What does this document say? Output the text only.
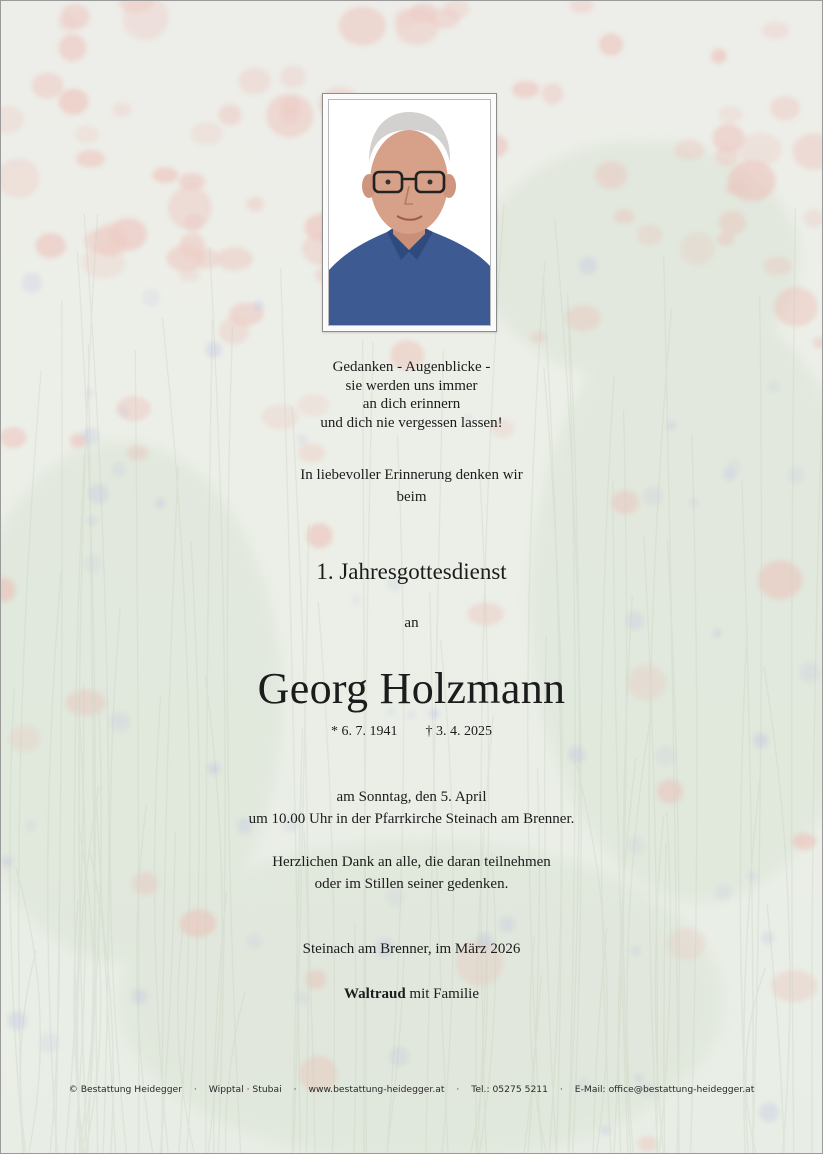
Gedanken - Augenblicke -
sie werden uns immer
an dich erinnern
und dich nie vergessen lassen!
In liebevoller Erinnerung denken wir
beim
1. Jahresgottesdienst
an
Georg Holzmann
* 6. 7. 1941 † 3. 4. 2025
am Sonntag, den 5. April
um 10.00 Uhr in der Pfarrkirche Steinach am Brenner.
Herzlichen Dank an alle, die daran teilnehmen
oder im Stillen seiner gedenken.
Steinach am Brenner, im März 2026
Waltraud mit Familie
© Bestattung Heidegger · Wipptal · Stubai · www.bestattung-heidegger.at · Tel.: 05275 5211 · E-Mail: office@bestattung-heidegger.at
